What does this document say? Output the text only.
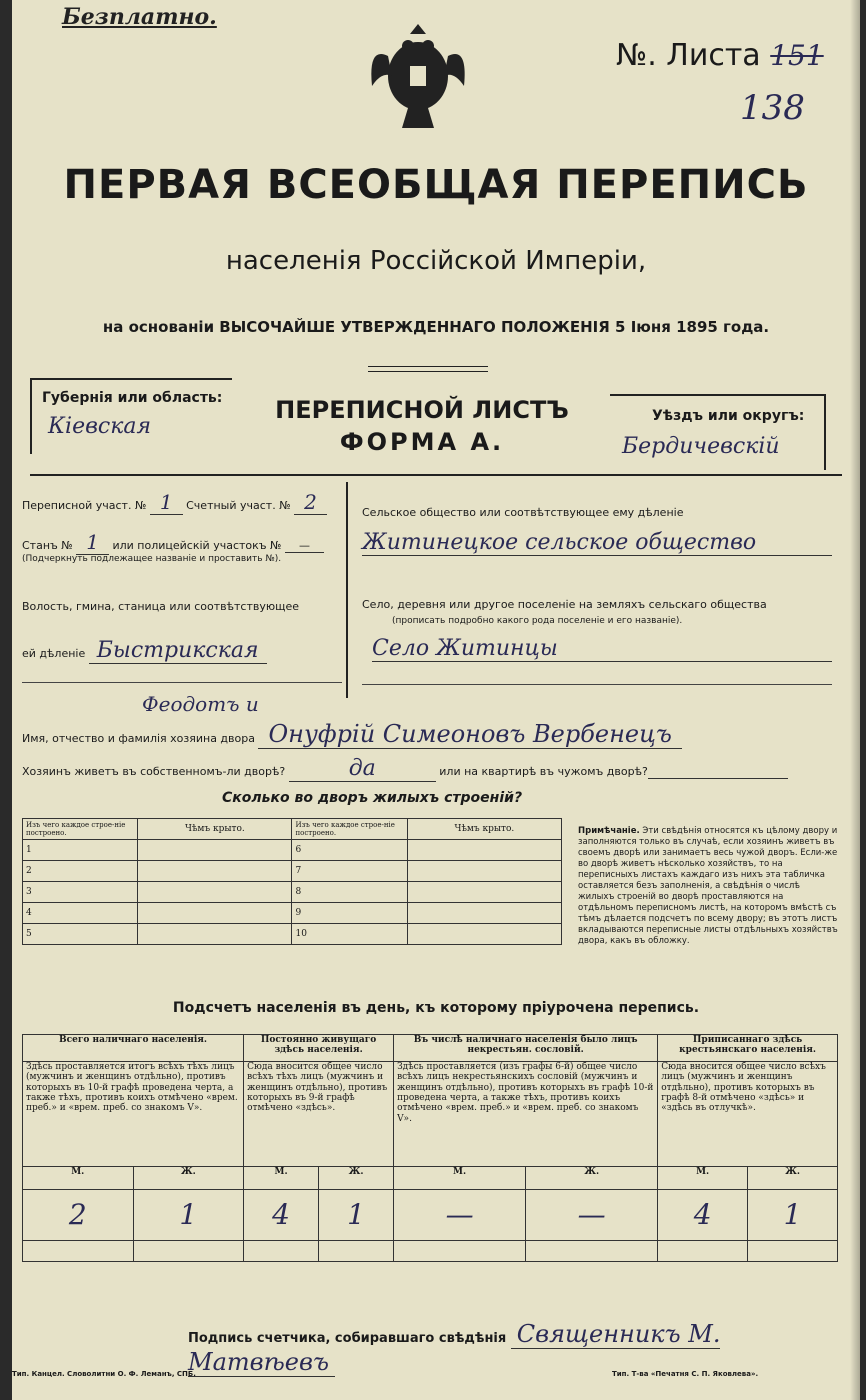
Безплатно.
№. Листа 151
138
ПЕРВАЯ ВСЕОБЩАЯ ПЕРЕПИСЬ
населенія Россійской Имперіи,
на основаніи ВЫСОЧАЙШЕ УТВЕРЖДЕННАГО ПОЛОЖЕНІЯ 5 Іюня 1895 года.
Губернія или область:
Кіевская
ПЕРЕПИСНОЙ ЛИСТЪ
ФОРМА А.
Уѣздъ или округъ:
Бердичевскій
Переписной участ. № 1 Счетный участ. № 2
Станъ № 1 или полицейскій участокъ № —
(Подчеркнуть подлежащее названіе и проставить №).
Волость, гмина, станица или соотвѣтствующее
ей дѣленіе Быстрикская
Сельское общество или соотвѣтствующее ему дѣленіе
Житинецкое сельское общество
Село, деревня или другое поселеніе на земляхъ сельскаго общества
(прописать подробно какого рода поселеніе и его названіе).
Село Житинцы
Феодотъ и
Имя, отчество и фамилія хозяина двора Онуфрій Симеоновъ Вербенецъ
Хозяинъ живетъ въ собственномъ-ли дворѣ?	да	или на квартирѣ въ чужомъ дворѣ?
Сколько во дворъ жилыхъ строеній?
Изъ чего каждое строе-ніе построено.	Чѣмъ крыто.	Изъ чего каждое строе-ніе построено.	Чѣмъ крыто.
1		6	
2		7	
3		8	
4		9	
5		10	
Примѣчаніе. Эти свѣдѣнія относятся къ цѣлому двору и заполняются только въ случаѣ, если хозяинъ живетъ въ своемъ дворѣ или занимаетъ весь чужой дворъ. Если-же во дворѣ живетъ нѣсколько хозяйствъ, то на переписныхъ листахъ каждаго изъ нихъ эта табличка оставляется безъ заполненія, а свѣдѣнія о числѣ жилыхъ строеній во дворѣ проставляются на отдѣльномъ переписномъ листѣ, на которомъ вмѣстѣ съ тѣмъ дѣлается подсчетъ по всему двору; въ этотъ листъ вкладываются переписные листы отдѣльныхъ хозяйствъ двора, какъ въ обложку.
Подсчетъ населенія въ день, къ которому пріурочена перепись.
Всего наличнаго населенія.		Постоянно живущаго здѣсь населенія.		Въ числѣ наличнаго населенія было лицъ некрестьян. сословій.		Приписаннаго здѣсь крестьянскаго населенія.	
Здѣсь проставляется итогъ всѣхъ тѣхъ лицъ (мужчинъ и женщинъ отдѣльно), противъ которыхъ въ 10-й графѣ проведена черта, а также тѣхъ, противъ коихъ отмѣчено «врем. преб.» и «врем. преб. со знакомъ V».		Сюда вносится общее число всѣхъ тѣхъ лицъ (мужчинъ и женщинъ отдѣльно), противъ которыхъ въ 9-й графѣ отмѣчено «здѣсь».		Здѣсь проставляется (изъ графы 6-й) общее число всѣхъ лицъ некрестьянскихъ сословій (мужчинъ и женщинъ отдѣльно), противъ которыхъ въ графѣ 10-й проведена черта, а также тѣхъ, противъ коихъ отмѣчено «врем. преб.» и «врем. преб. со знакомъ V».		Сюда вносится общее число всѣхъ лицъ (мужчинъ и женщинъ отдѣльно), противъ которыхъ въ графѣ 8-й отмѣчено «здѣсь» и «здѣсь въ отлучкѣ».	
М.	Ж.	М.	Ж.	М.	Ж.	М.	Ж.
2	1	4	1	—	—	4	1

Подпись счетчика, собиравшаго свѣдѣнія Священникъ М. Матвѣевъ
Тип. Канцел. Словолитни О. Ф. Леманъ, СПБ.	Тип. Т-ва «Печатня С. П. Яковлева».
